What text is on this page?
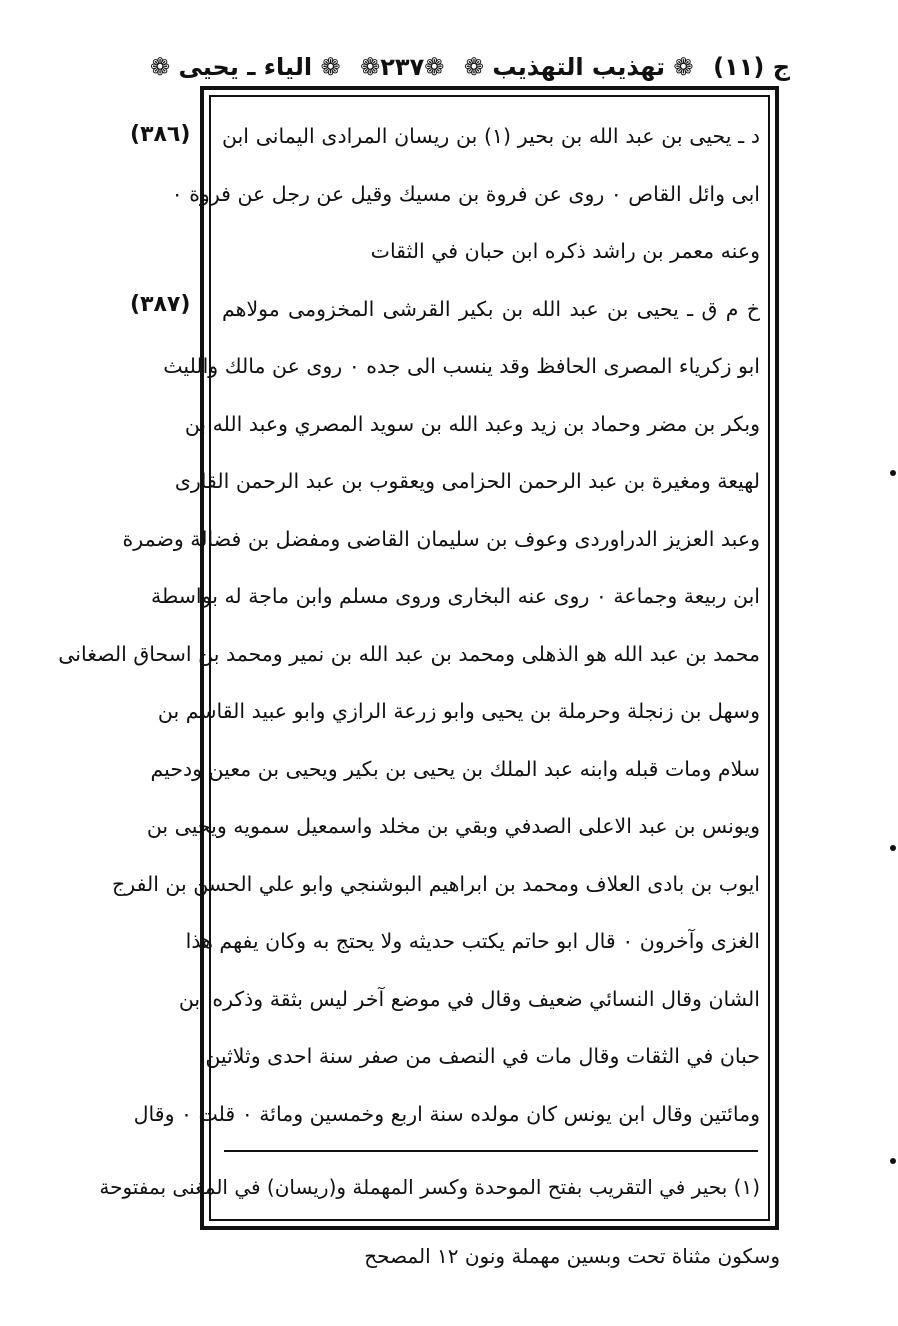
ج (١١)
❁ تهذيب التهذيب ❁
❁٢٣٧❁
❁ الياء ـ يحيى ❁
(٣٨٦)
(٣٨٧)
د ـ يحيى بن عبد الله بن بحير (١) بن ريسان المرادى اليمانى ابن
ابى وائل القاص ٠ روى عن فروة بن مسيك وقيل عن رجل عن فروة ٠
وعنه معمر بن راشد ذكره ابن حبان في الثقات
خ م ق ـ يحيى بن عبد الله بن بكير القرشى المخزومى مولاهم
ابو زكرياء المصرى الحافظ وقد ينسب الى جده ٠ روى عن مالك والليث
وبكر بن مضر وحماد بن زيد وعبد الله بن سويد المصري وعبد الله بن
لهيعة ومغيرة بن عبد الرحمن الحزامى ويعقوب بن عبد الرحمن القارى
وعبد العزيز الدراوردى وعوف بن سليمان القاضى ومفضل بن فضالة وضمرة
ابن ربيعة وجماعة ٠ روى عنه البخارى وروى مسلم وابن ماجة له بواسطة
محمد بن عبد الله هو الذهلى ومحمد بن عبد الله بن نمير ومحمد بن اسحاق الصغانى
وسهل بن زنجلة وحرملة بن يحيى وابو زرعة الرازي وابو عبيد القاسم بن
سلام ومات قبله وابنه عبد الملك بن يحيى بن بكير ويحيى بن معين ودحيم
ويونس بن عبد الاعلى الصدفي وبقي بن مخلد واسمعيل سمويه ويحيى بن
ايوب بن بادى العلاف ومحمد بن ابراهيم البوشنجي وابو علي الحسن بن الفرج
الغزى وآخرون ٠ قال ابو حاتم يكتب حديثه ولا يحتج به وكان يفهم هذا
الشان وقال النسائي ضعيف وقال في موضع آخر ليس بثقة وذكره ابن
حبان في الثقات وقال مات في النصف من صفر سنة احدى وثلاثين
ومائتين وقال ابن يونس كان مولده سنة اربع وخمسين ومائة ٠ قلت ٠ وقال
(١) بحير في التقريب بفتح الموحدة وكسر المهملة و(ريسان) في المغنى بمفتوحة
وسكون مثناة تحت وبسين مهملة ونون ١٢ المصحح
